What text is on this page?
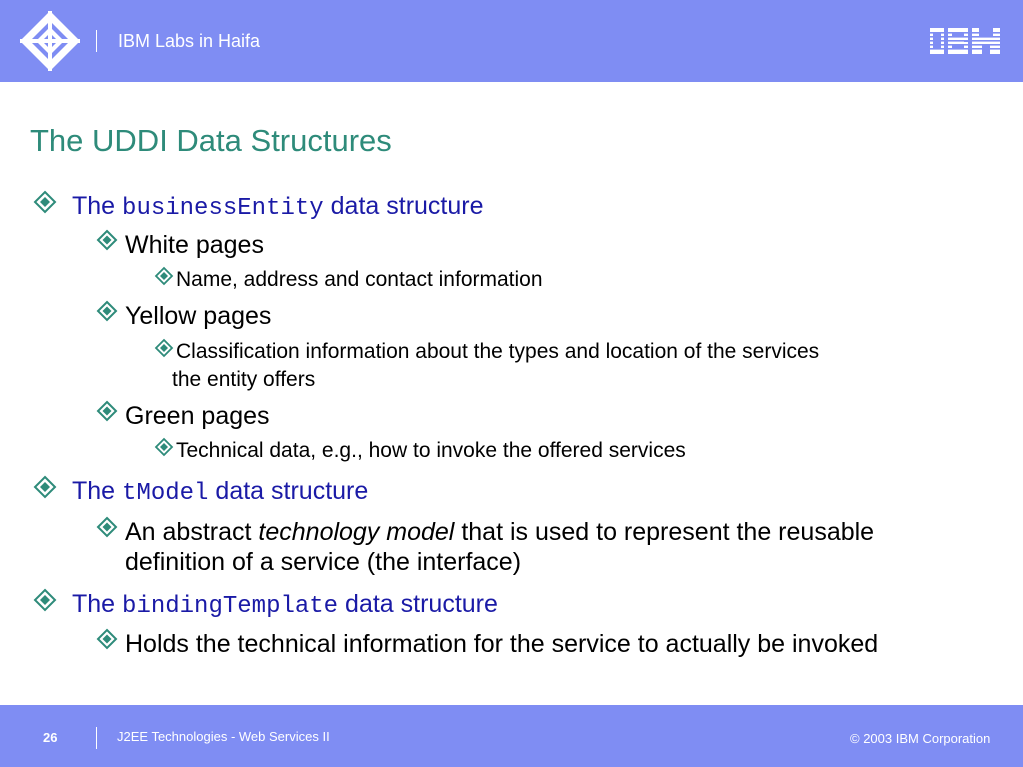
IBM Labs in Haifa
The UDDI Data Structures
The businessEntity data structure
White pages
Name, address and contact information
Yellow pages
Classification information about the types and location of the services
the entity offers
Green pages
Technical data, e.g., how to invoke the offered services
The tModel data structure
An abstract technology model that is used to represent the reusable
definition of a service (the interface)
The bindingTemplate data structure
Holds the technical information for the service to actually be invoked
26	J2EE Technologies - Web Services II	© 2003 IBM Corporation
